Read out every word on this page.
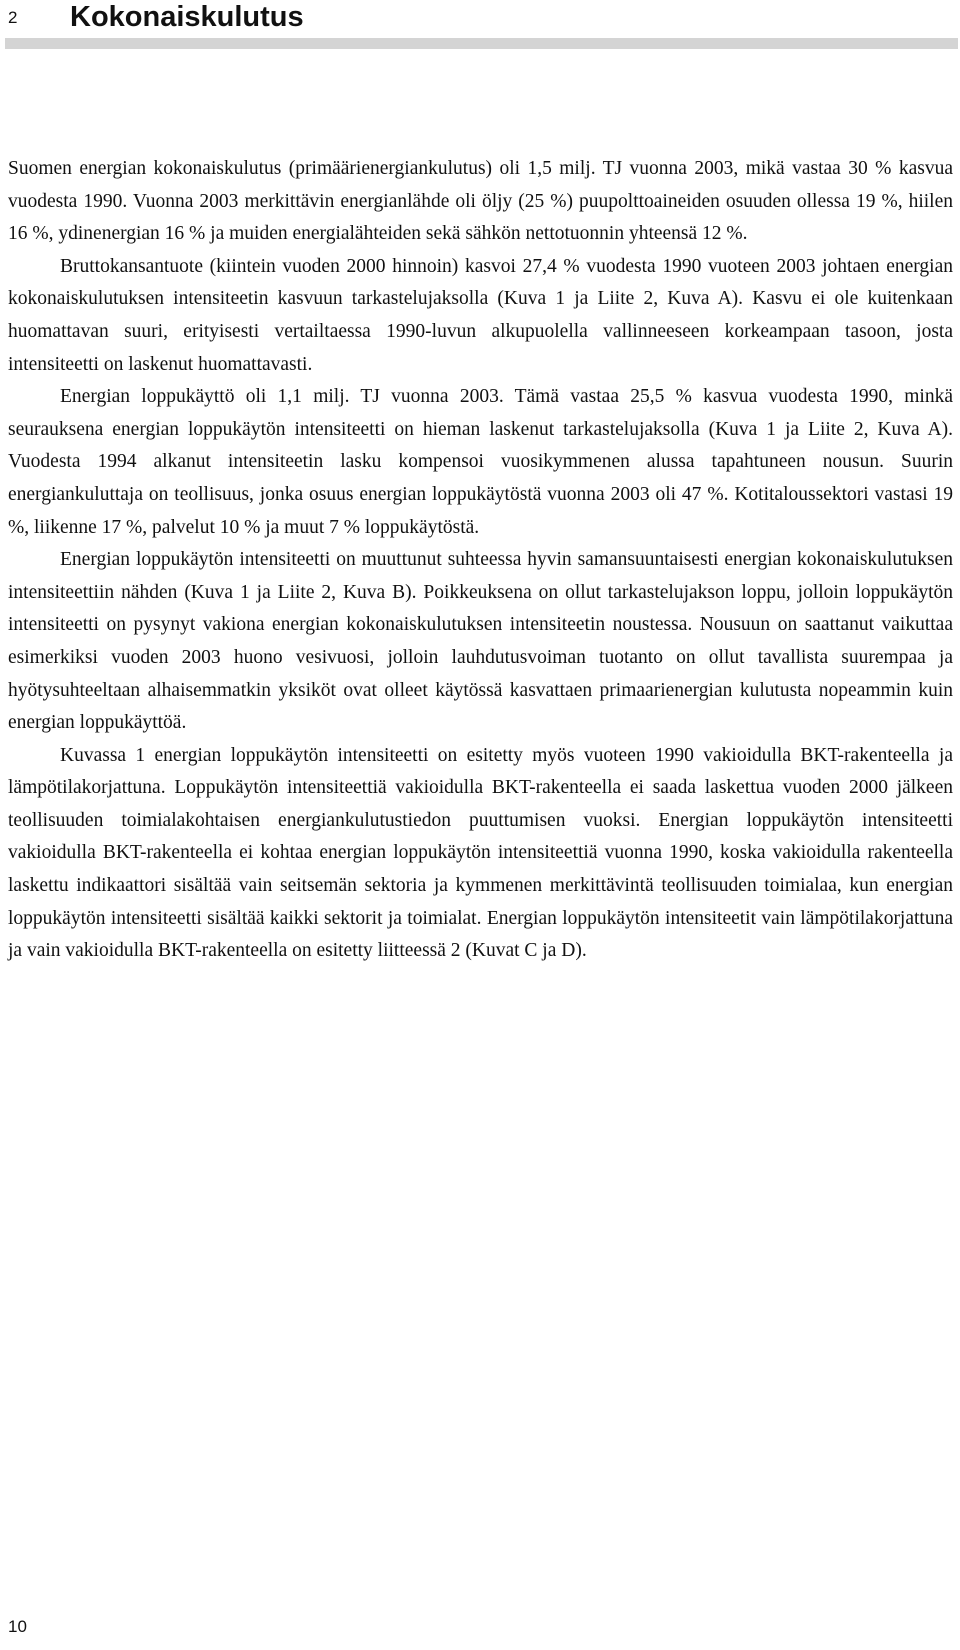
2 Kokonaiskulutus

Suomen energian kokonaiskulutus (primäärienergiankulutus) oli 1,5 milj. TJ vuonna 2003, mikä vastaa 30 % kasvua vuodesta 1990. Vuonna 2003 merkittävin energianlähde oli öljy (25 %) puupolttoaineiden osuuden ollessa 19 %, hiilen 16 %, ydinenergian 16 % ja muiden energialähteiden sekä sähkön nettotuonnin yhteensä 12 %.

Bruttokansantuote (kiintein vuoden 2000 hinnoin) kasvoi 27,4 % vuodesta 1990 vuoteen 2003 johtaen energian kokonaiskulutuksen intensiteetin kasvuun tarkastelujaksolla (Kuva 1 ja Liite 2, Kuva A). Kasvu ei ole kuitenkaan huomattavan suuri, erityisesti vertailtaessa 1990-luvun alkupuolella vallinneeseen korkeampaan tasoon, josta intensiteetti on laskenut huomattavasti.

Energian loppukäyttö oli 1,1 milj. TJ vuonna 2003. Tämä vastaa 25,5 % kasvua vuodesta 1990, minkä seurauksena energian loppukäytön intensiteetti on hieman laskenut tarkastelujaksolla (Kuva 1 ja Liite 2, Kuva A). Vuodesta 1994 alkanut intensiteetin lasku kompensoi vuosikymmenen alussa tapahtuneen nousun. Suurin energiankuluttaja on teollisuus, jonka osuus energian loppukäytöstä vuonna 2003 oli 47 %. Kotitaloussektori vastasi 19 %, liikenne 17 %, palvelut 10 % ja muut 7 % loppukäytöstä.

Energian loppukäytön intensiteetti on muuttunut suhteessa hyvin samansuuntaisesti energian kokonaiskulutuksen intensiteettiin nähden (Kuva 1 ja Liite 2, Kuva B). Poikkeuksena on ollut tarkastelujakson loppu, jolloin loppukäytön intensiteetti on pysynyt vakiona energian kokonaiskulutuksen intensiteetin noustessa. Nousuun on saattanut vaikuttaa esimerkiksi vuoden 2003 huono vesivuosi, jolloin lauhdutusvoiman tuotanto on ollut tavallista suurempaa ja hyötysuhteeltaan alhaisemmatkin yksiköt ovat olleet käytössä kasvattaen primaarienergian kulutusta nopeammin kuin energian loppukäyttöä.

Kuvassa 1 energian loppukäytön intensiteetti on esitetty myös vuoteen 1990 vakioidulla BKT-rakenteella ja lämpötilakorjattuna. Loppukäytön intensiteettiä vakioidulla BKT-rakenteella ei saada laskettua vuoden 2000 jälkeen teollisuuden toimialakohtaisen energiankulutustiedon puuttumisen vuoksi. Energian loppukäytön intensiteetti vakioidulla BKT-rakenteella ei kohtaa energian loppukäytön intensiteettiä vuonna 1990, koska vakioidulla rakenteella laskettu indikaattori sisältää vain seitsemän sektoria ja kymmenen merkittävintä teollisuuden toimialaa, kun energian loppukäytön intensiteetti sisältää kaikki sektorit ja toimialat. Energian loppukäytön intensiteetit vain lämpötilakorjattuna ja vain vakioidulla BKT-rakenteella on esitetty liitteessä 2 (Kuvat C ja D).

10
